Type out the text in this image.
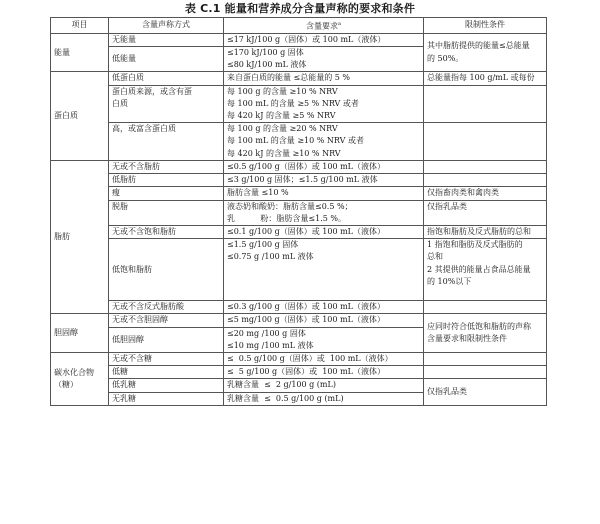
表 C.1 能量和营养成分含量声称的要求和条件
项目	含量声称方式	含量要求$^a$	限制性条件
能量	无能量	≤17 kJ/100 g（固体）或 100 mL（液体）	其中脂肪提供的能量≤总能量
的 50%。

	低能量	≤170 kJ/100 g 固体
≤80 kJ/100 mL 液体	

蛋白质	低蛋白质	来自蛋白质的能量 ≤总能量的 5 %	总能量指每 100 g/mL 或每份

	蛋白质来源，或含有蛋
白质	每 100 g 的含量 ≥10 % NRV
每 100 mL 的含量 ≥5 % NRV 或者
每 420 kJ 的含量 ≥5 % NRV	

	高，或富含蛋白质	每 100 g 的含量 ≥20 % NRV
每 100 mL 的含量 ≥10 % NRV 或者
每 420 kJ 的含量 ≥10 % NRV	

脂肪	无或不含脂肪	≤0.5 g/100 g（固体）或 100 mL（液体）	

	低脂肪	≤3 g/100 g 固体；≤1.5 g/100 mL 液体	

	瘦	脂肪含量 ≤10 %	仅指畜肉类和禽肉类
	脱脂	液态奶和酸奶：脂肪含量≤0.5 %；
乳          粉：脂肪含量≤1.5 %。	仅指乳品类
	无或不含饱和脂肪	≤0.1 g/100 g（固体）或 100 mL（液体）	指饱和脂肪及反式脂肪的总和
	低饱和脂肪	≤1.5 g/100 g 固体
≤0.75 g /100 mL 液体	1 指饱和脂肪及反式脂肪的
总和
2 其提供的能量占食品总能量
的 10%以下

	无或不含反式脂肪酸	≤0.3 g/100 g（固体）或 100 mL（液体）	

胆固醇	无或不含胆固醇	≤5 mg/100 g（固体）或 100 mL（液体）	应同时符合低饱和脂肪的声称
含量要求和限制性条件

	低胆固醇	≤20 mg /100 g 固体
≤10 mg /100 mL 液体	

碳水化合物
（糖）	无或不含糖	≤  0.5 g/100 g（固体）或  100 mL（液体）	

	低糖	≤  5 g/100 g（固体）或  100 mL（液体）	

	低乳糖	乳糖含量  ≤  2 g/100 g (mL)	仅指乳品类
	无乳糖	乳糖含量  ≤  0.5 g/100 g (mL)	
